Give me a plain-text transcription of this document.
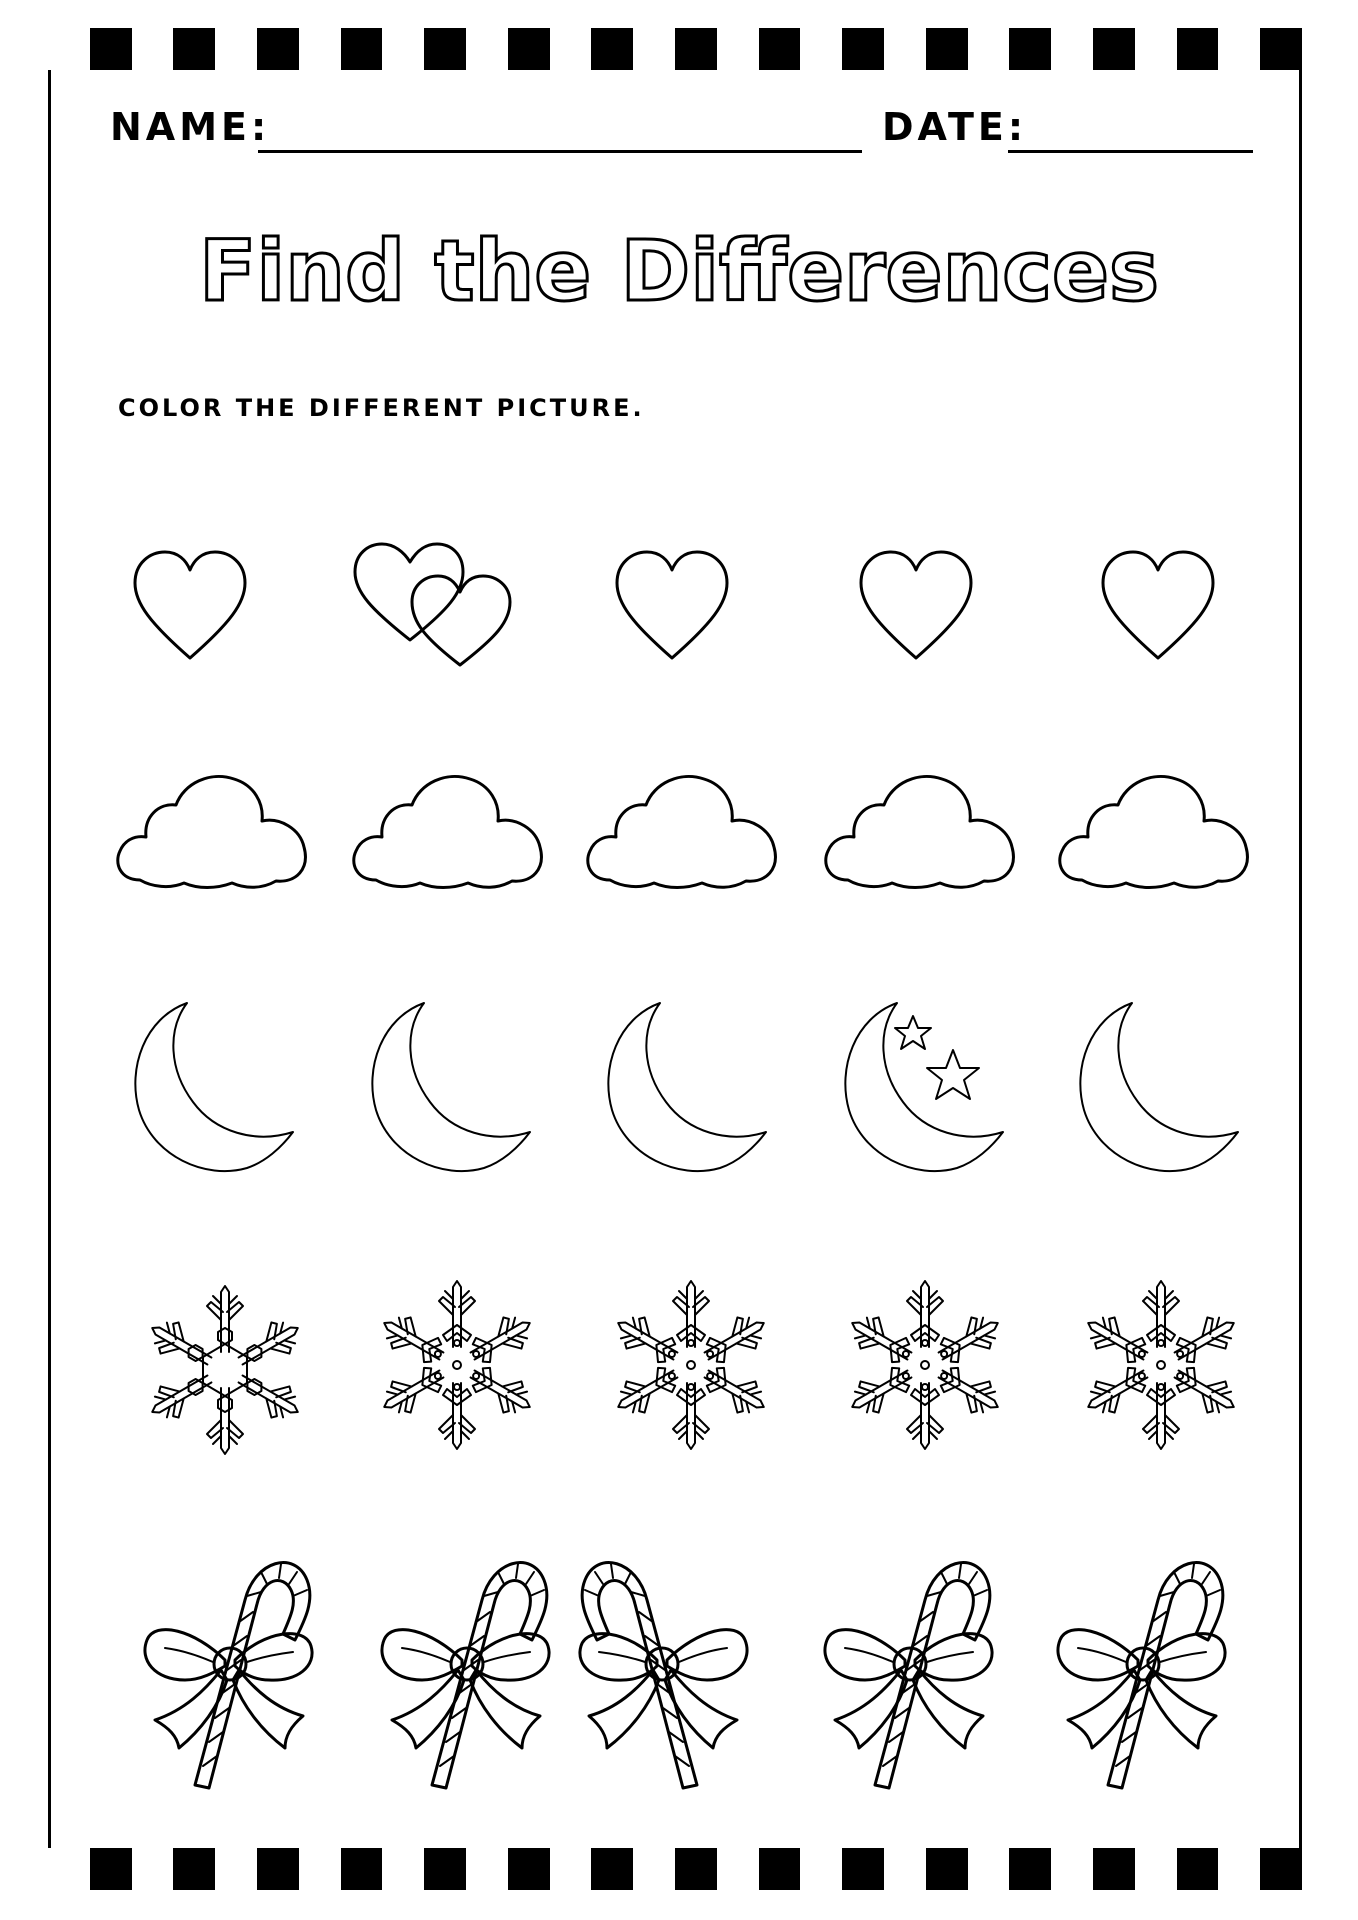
NAME:	DATE:
Find the Differences
COLOR THE DIFFERENT PICTURE.
